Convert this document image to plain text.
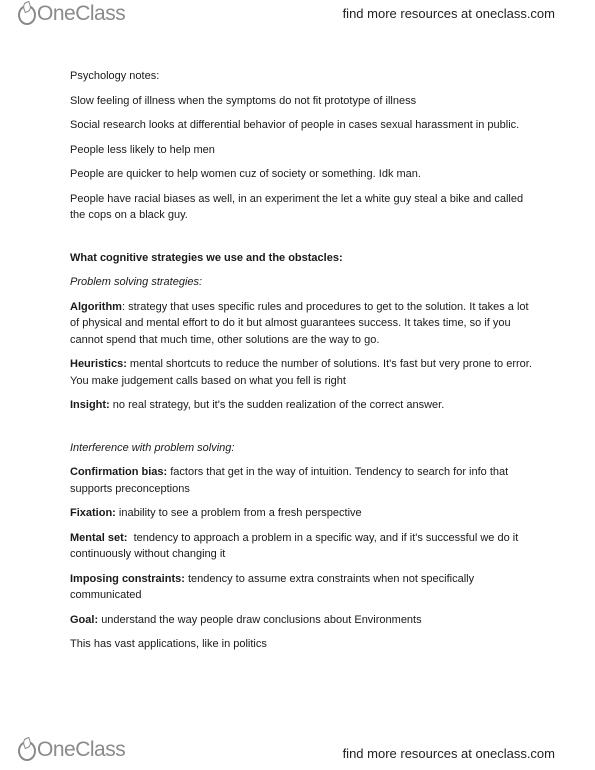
OneClass	find more resources at oneclass.com

Psychology notes:

Slow feeling of illness when the symptoms do not fit prototype of illness

Social research looks at differential behavior of people in cases sexual harassment in public.

People less likely to help men

People are quicker to help women cuz of society or something. Idk man.

People have racial biases as well, in an experiment the let a white guy steal a bike and called the cops on a black guy.

What cognitive strategies we use and the obstacles:

Problem solving strategies:

Algorithm: strategy that uses specific rules and procedures to get to the solution. It takes a lot of physical and mental effort to do it but almost guarantees success. It takes time, so if you cannot spend that much time, other solutions are the way to go.

Heuristics: mental shortcuts to reduce the number of solutions. It's fast but very prone to error. You make judgement calls based on what you fell is right

Insight: no real strategy, but it's the sudden realization of the correct answer.

Interference with problem solving:

Confirmation bias: factors that get in the way of intuition. Tendency to search for info that supports preconceptions

Fixation: inability to see a problem from a fresh perspective

Mental set: tendency to approach a problem in a specific way, and if it's successful we do it continuously without changing it

Imposing constraints: tendency to assume extra constraints when not specifically communicated

Goal: understand the way people draw conclusions about Environments

This has vast applications, like in politics

OneClass	find more resources at oneclass.com
